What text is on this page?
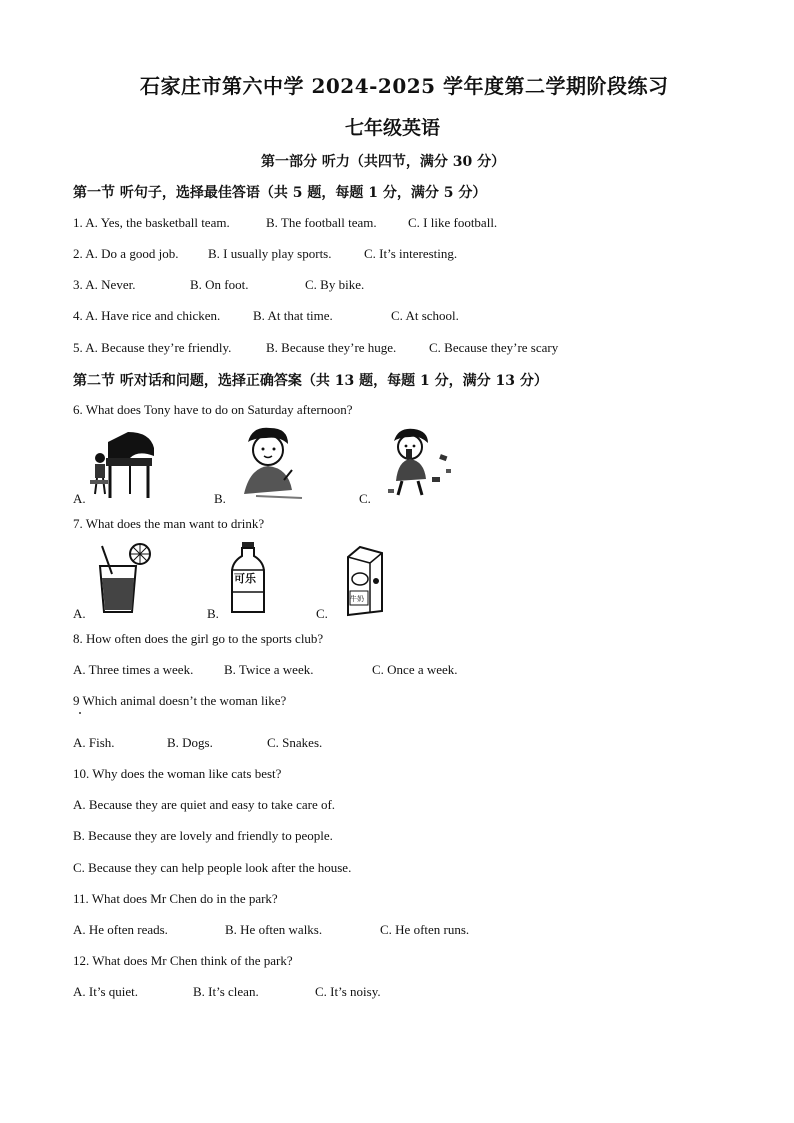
石家庄市第六中学 2024-2025 学年度第二学期阶段练习
七年级英语
第一部分 听力（共四节，满分 30 分）
第一节 听句子，选择最佳答语（共 5 题，每题 1 分，满分 5 分）
1. A. Yes, the basketball team.	B. The football team. C. I like football.
2. A. Do a good job. B. I usually play sports.	C. It’s interesting.
3. A. Never.	B. On foot.	C. By bike.
4. A. Have rice and chicken.	B. At that time.	C. At school.
5. A. Because they’re friendly.	B. Because they’re huge.	C. Because they’re scary
第二节 听对话和问题，选择正确答案（共 13 题，每题 1 分，满分 13 分）
6. What does Tony have to do on Saturday afternoon?
A.	B.	C.
7. What does the man want to drink?
A.
可乐
B.
牛奶
C.
8. How often does the girl go to the sports club?
A. Three times a week. B. Twice a week.	C. Once a week.
9 Which animal doesn’t the woman like?
A. Fish.	B. Dogs.	C. Snakes.
10. Why does the woman like cats best?
A. Because they are quiet and easy to take care of.
B. Because they are lovely and friendly to people.
C. Because they can help people look after the house.
11. What does Mr Chen do in the park?
A. He often reads.	B. He often walks.	C. He often runs.
12. What does Mr Chen think of the park?
A. It’s quiet.	B. It’s clean.	C. It’s noisy.
